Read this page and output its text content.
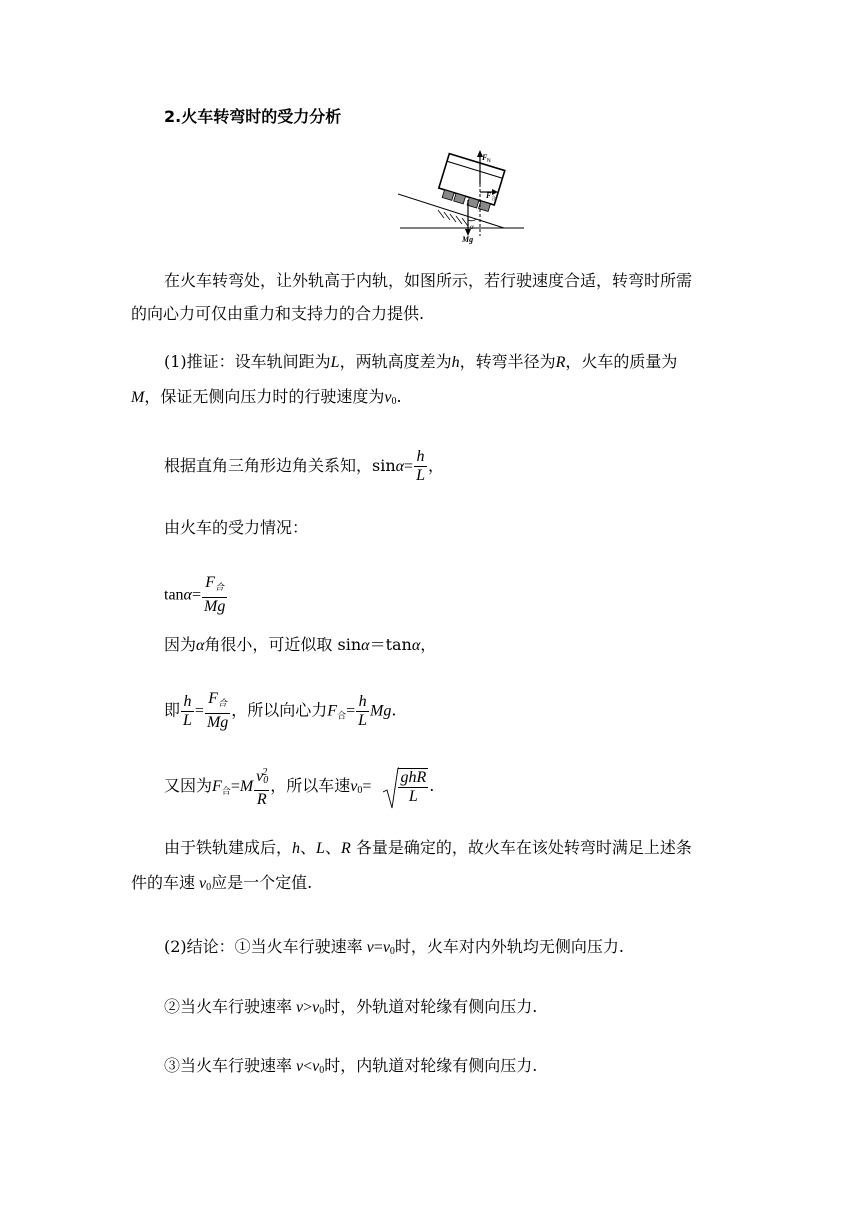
2.火车转弯时的受力分析
F N
F 合
α
Mg
在火车转弯处，让外轨高于内轨，如图所示，若行驶速度合适，转弯时所需
的向心力可仅由重力和支持力的合力提供.
(1)推证：设车轨间距为L，两轨高度差为h，转弯半径为R，火车的质量为
M，保证无侧向压力时的行驶速度为$v_0$.
根据直角三角形边角关系知，$\sin\alpha= \frac{h}{L}$ ，
由火车的受力情况：
$\tan\alpha= \frac{\text{F合}}{Mg}$
因为α角很小，可近似取 sinα＝tanα，
即 $\frac{h}{L} = \frac{\text{F合}}{Mg}$ ，所以向心力F合= $\frac{h}{L} Mg$.
又因为F合$=M \frac{v_0^2}{R}$ ，所以车速$v_0= \frac{\text{ghR}}{L}$ .
由于铁轨建成后，h、L、R 各量是确定的，故火车在该处转弯时满足上述条
件的车速 $v_0$应是一个定值.
(2)结论：①当火车行驶速率 $v=v_0$时，火车对内外轨均无侧向压力.
②当火车行驶速率 $v>v_0$时，外轨道对轮缘有侧向压力.
③当火车行驶速率 $v<v_0$时，内轨道对轮缘有侧向压力.
